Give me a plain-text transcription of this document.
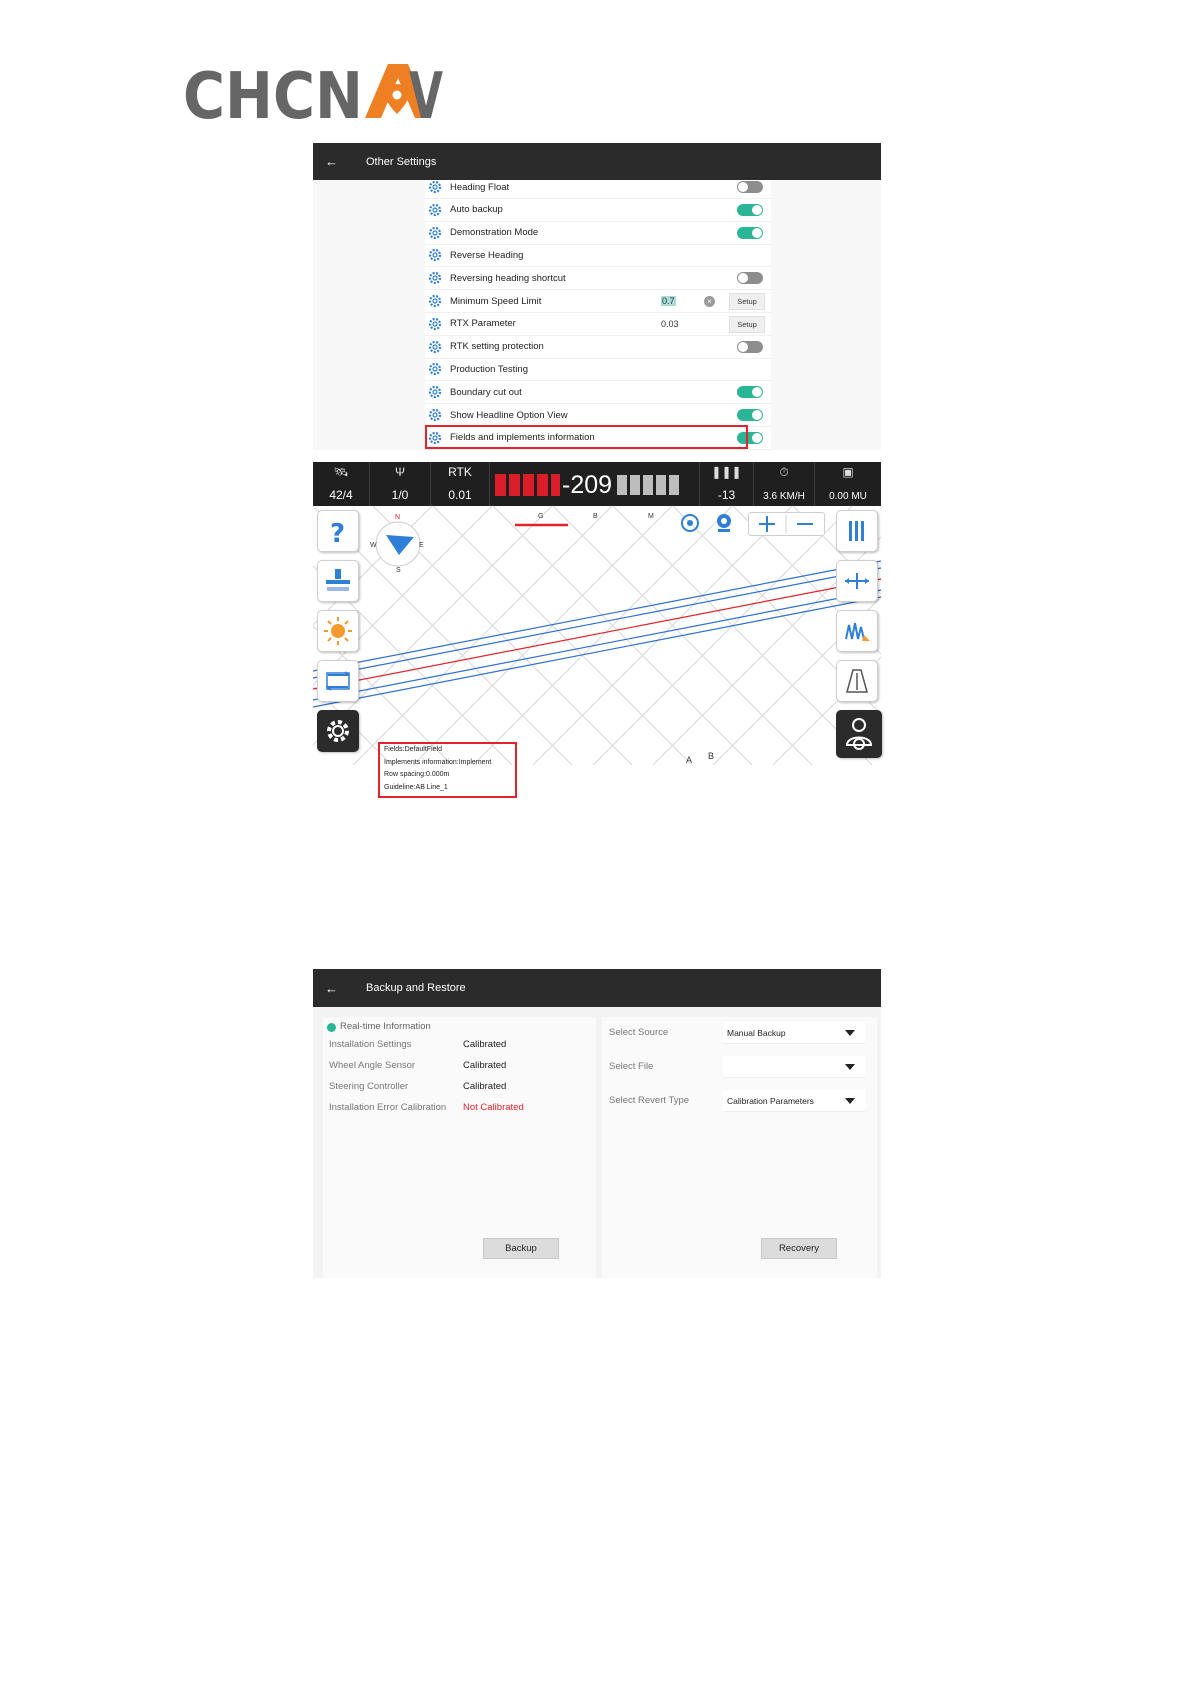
CHCN V
←	Other Settings
Heading Float
Auto backup
Demonstration Mode
Reverse Heading
Reversing heading shortcut
Minimum Speed Limit	0.7	×	Setup
RTX Parameter	0.03	Setup
RTK setting protection
Production Testing
Boundary cut out
Show Headline Option View
Fields and implements information
🛰
42/4
Ψ
1/0
RTK
0.01	-209	❚❚❚
-13
⏱
3.6 KM/H
▣
0.00 MU
G	B	M
N
E
W
S
A B
?
Fields:DefaultField
Implements information:Implement
Row spacing:0.000m
Guideline:AB Line_1
←	Backup and Restore
Real-time Information
Installation Settings	Calibrated
Wheel Angle Sensor	Calibrated
Steering Controller	Calibrated
Installation Error Calibration Not Calibrated
Backup
Select Source	Manual Backup
Select File
Select Revert Type	Calibration Parameters
Recovery
